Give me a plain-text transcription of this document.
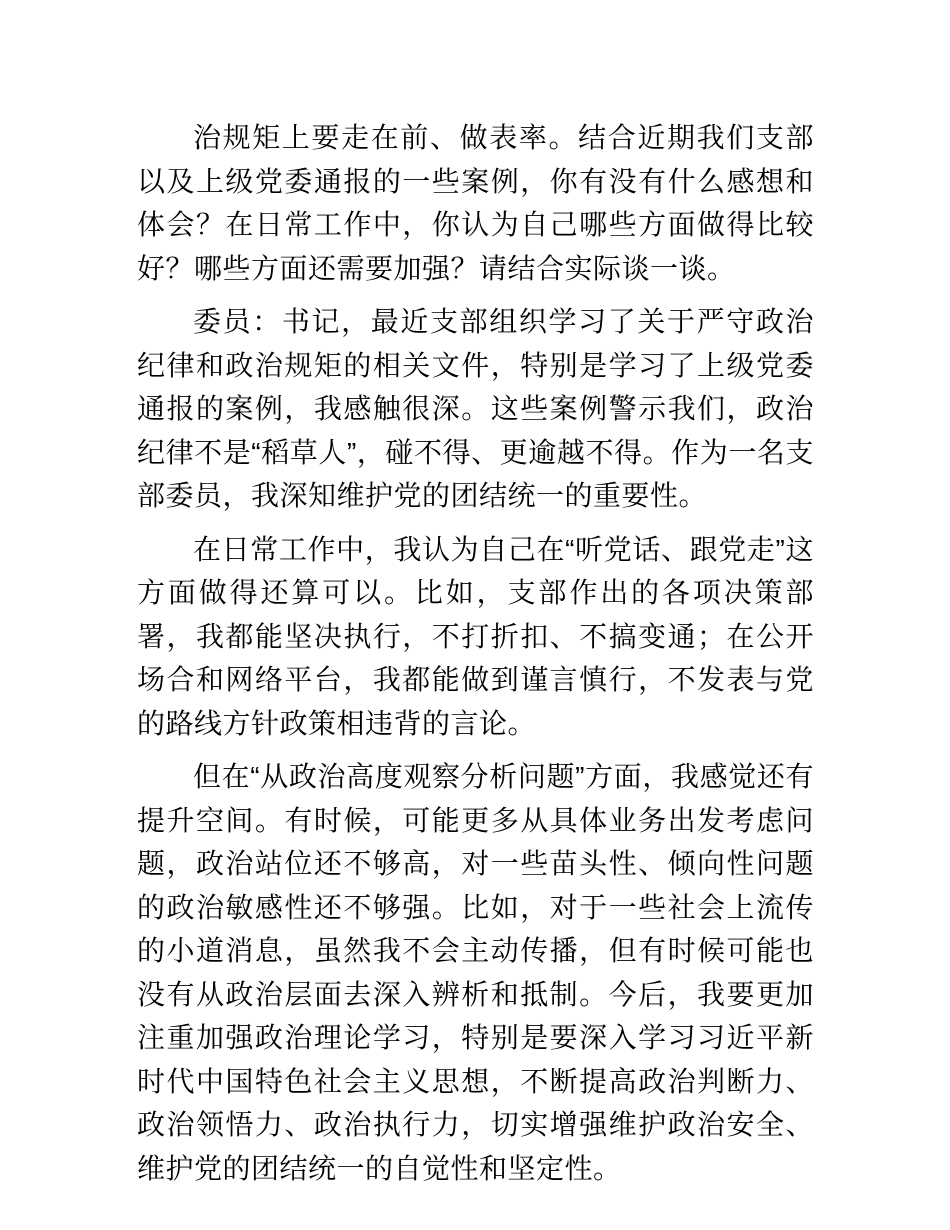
治规矩上要走在前、做表率。结合近期我们支部以及上级党委通报的一些案例，你有没有什么感想和体会？在日常工作中，你认为自己哪些方面做得比较好？哪些方面还需要加强？请结合实际谈一谈。

委员：书记，最近支部组织学习了关于严守政治纪律和政治规矩的相关文件，特别是学习了上级党委通报的案例，我感触很深。这些案例警示我们，政治纪律不是“稻草人”，碰不得、更逾越不得。作为一名支部委员，我深知维护党的团结统一的重要性。

在日常工作中，我认为自己在“听党话、跟党走”这方面做得还算可以。比如，支部作出的各项决策部署，我都能坚决执行，不打折扣、不搞变通；在公开场合和网络平台，我都能做到谨言慎行，不发表与党的路线方针政策相违背的言论。

但在“从政治高度观察分析问题”方面，我感觉还有提升空间。有时候，可能更多从具体业务出发考虑问题，政治站位还不够高，对一些苗头性、倾向性问题的政治敏感性还不够强。比如，对于一些社会上流传的小道消息，虽然我不会主动传播，但有时候可能也没有从政治层面去深入辨析和抵制。今后，我要更加注重加强政治理论学习，特别是要深入学习习近平新时代中国特色社会主义思想，不断提高政治判断力、政治领悟力、政治执行力，切实增强维护政治安全、维护党的团结统一的自觉性和坚定性。
